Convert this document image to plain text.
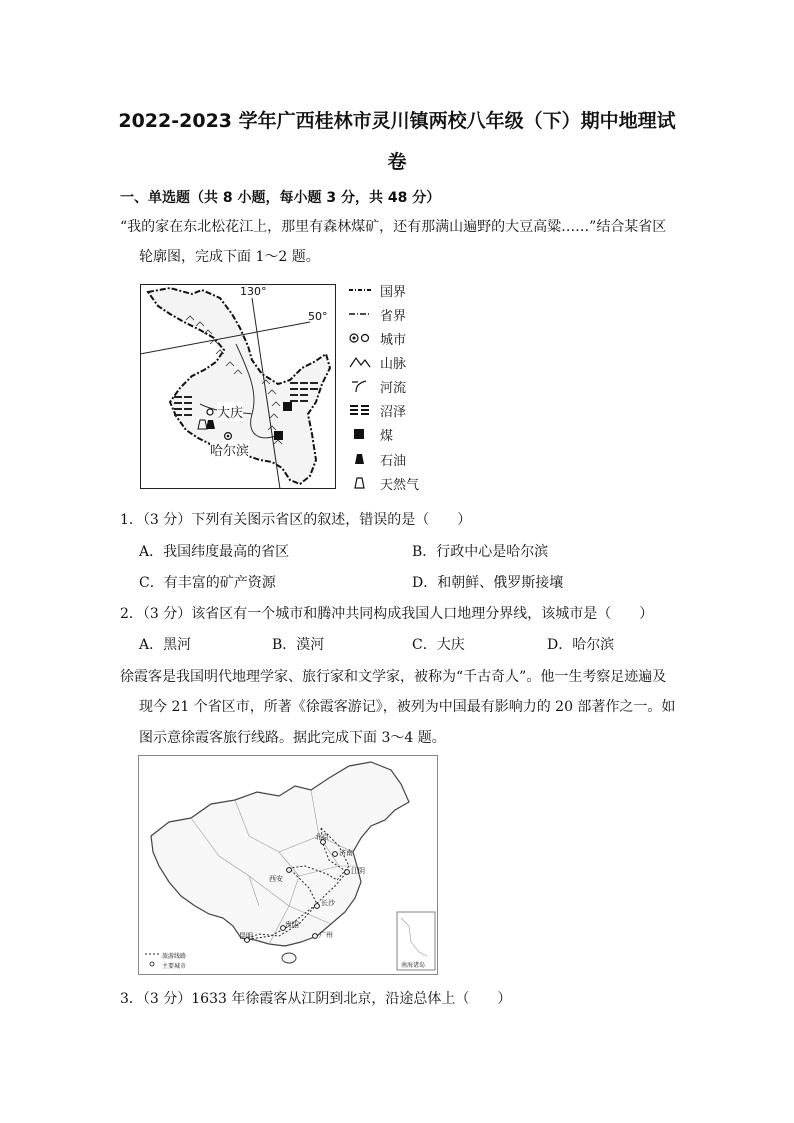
2022-2023 学年广西桂林市灵川镇两校八年级（下）期中地理试
卷
一、单选题（共 8 小题，每小题 3 分，共 48 分）
“我的家在东北松花江上，那里有森林煤矿，还有那满山遍野的大豆高粱……”结合某省区
轮廓图，完成下面 1～2 题。
130°
50°
大庆
哈尔滨
国界
省界
城市
山脉
河流
沼泽
煤
石油
天然气
1．（3 分）下列有关图示省区的叙述，错误的是（　　）
A．我国纬度最高的省区	B．行政中心是哈尔滨
C．有丰富的矿产资源	D．和朝鲜、俄罗斯接壤
2．（3 分）该省区有一个城市和腾冲共同构成我国人口地理分界线，该城市是（　　）
A．黑河	B．漠河	C．大庆	D．哈尔滨
徐霞客是我国明代地理学家、旅行家和文学家，被称为“千古奇人”。他一生考察足迹遍及
现今 21 个省区市，所著《徐霞客游记》，被列为中国最有影响力的 20 部著作之一。如
图示意徐霞客旅行线路。据此完成下面 3～4 题。
北京
济南
西安
江阴
长沙
贵阳
昆明	广州
旅游线路
主要城市	南海诸岛
3．（3 分）1633 年徐霞客从江阴到北京，沿途总体上（　　）
